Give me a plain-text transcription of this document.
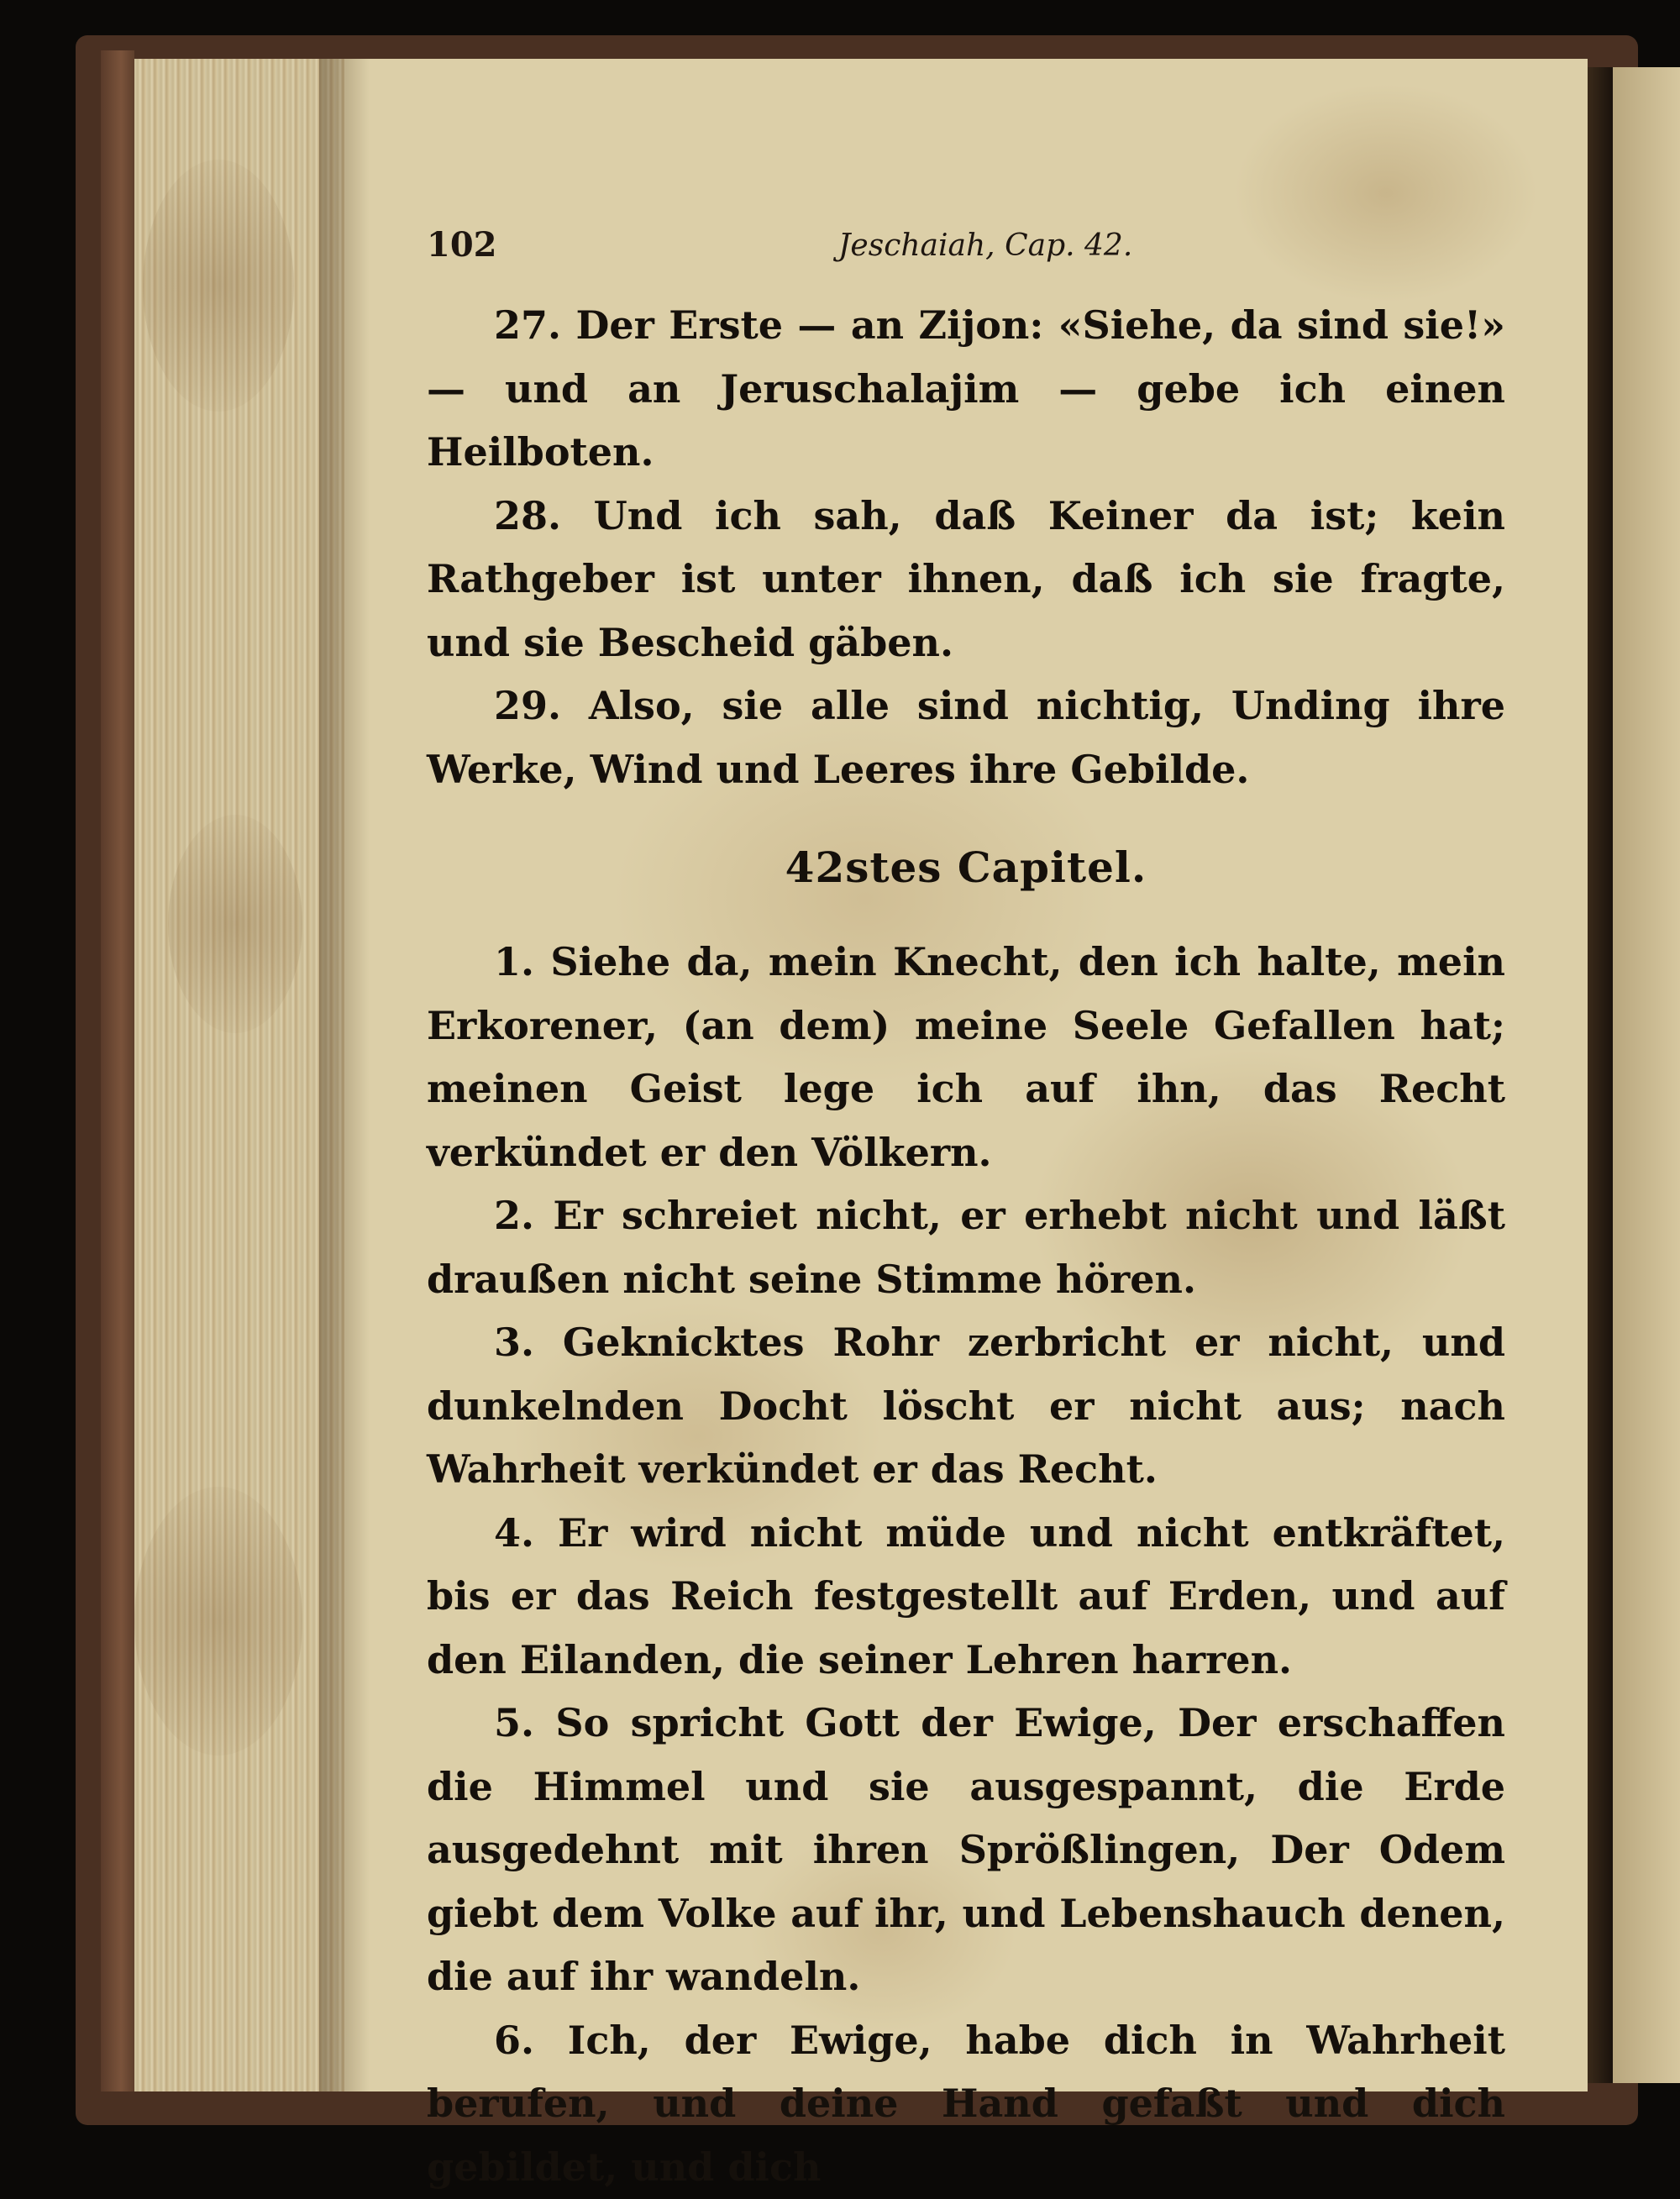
102	Jeschaiah, Cap. 42.

27. Der Erste — an Zijon: «Siehe, da sind sie!» — und an Jeruschalajim — gebe ich einen Heilboten.

28. Und ich sah, daß Keiner da ist; kein Rathgeber ist unter ihnen, daß ich sie fragte, und sie Bescheid gäben.

29. Also, sie alle sind nichtig, Unding ihre Werke, Wind und Leeres ihre Gebilde.

42stes Capitel.

1. Siehe da, mein Knecht, den ich halte, mein Erkorener, (an dem) meine Seele Gefallen hat; meinen Geist lege ich auf ihn, das Recht verkündet er den Völkern.

2. Er schreiet nicht, er erhebt nicht und läßt draußen nicht seine Stimme hören.

3. Geknicktes Rohr zerbricht er nicht, und dunkelnden Docht löscht er nicht aus; nach Wahrheit verkündet er das Recht.

4. Er wird nicht müde und nicht entkräftet, bis er das Reich festgestellt auf Erden, und auf den Eilanden, die seiner Lehren harren.

5. So spricht Gott der Ewige, Der erschaffen die Himmel und sie ausgespannt, die Erde ausgedehnt mit ihren Sprößlingen, Der Odem giebt dem Volke auf ihr, und Lebenshauch denen, die auf ihr wandeln.

6. Ich, der Ewige, habe dich in Wahrheit berufen, und deine Hand gefaßt und dich gebildet, und dich
